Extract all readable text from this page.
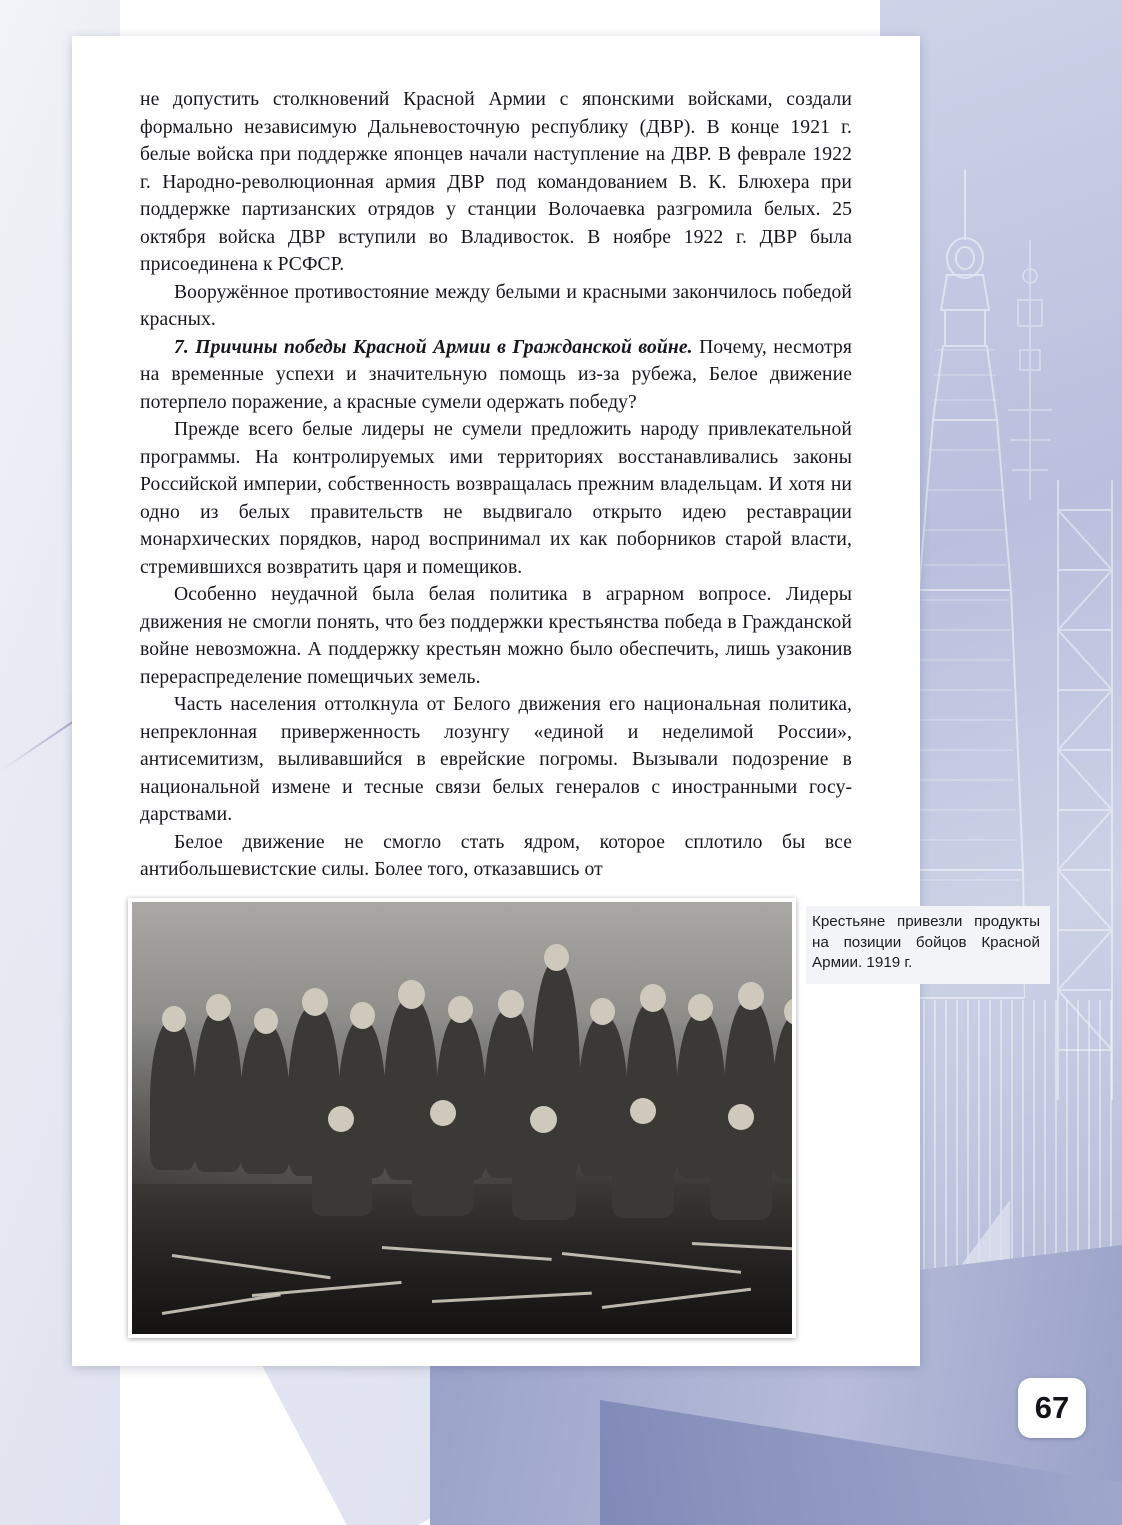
не допустить столкновений Красной Армии с японскими войсками, создали формально независимую Дальневосточную республику (ДВР). В конце 1921 г. белые войска при поддержке японцев начали наступление на ДВР. В феврале 1922 г. Народно-революционная армия ДВР под командованием В. К. Блюхера при поддержке партизанских отрядов у станции Волочаевка разгромила белых. 25 октября войска ДВР вступили во Владивосток. В ноябре 1922 г. ДВР была присоединена к РСФСР.

Вооружённое противостояние между белыми и красными закончилось победой красных.

7. Причины победы Красной Армии в Гражданской войне. Почему, несмотря на временные успехи и значительную помощь из-за рубежа, Белое движение потерпело поражение, а красные сумели одержать победу?

Прежде всего белые лидеры не сумели предложить народу привлекательной программы. На контролируемых ими территориях восстанавливались законы Российской империи, собственность возвращалась прежним владельцам. И хотя ни одно из белых правительств не выдвигало открыто идею реставрации монархических порядков, народ воспринимал их как поборников старой власти, стремившихся возвратить царя и помещиков.

Особенно неудачной была белая политика в аграрном вопросе. Лидеры движения не смогли понять, что без поддержки крестьянства победа в Гражданской войне невозможна. А поддержку крестьян можно было обеспечить, лишь узаконив перераспределение помещичьих земель.

Часть населения оттолкнула от Белого движения его национальная политика, непреклонная приверженность лозунгу «единой и неделимой России», антисемитизм, выливавшийся в еврейские погромы. Вызывали подозрение в национальной измене и тесные связи белых генералов с иностранными государствами.

Белое движение не смогло стать ядром, которое сплотило бы все антибольшевистские силы. Более того, отказавшись от

Крестьяне привезли продукты на позиции бойцов Красной Армии. 1919 г.

67
